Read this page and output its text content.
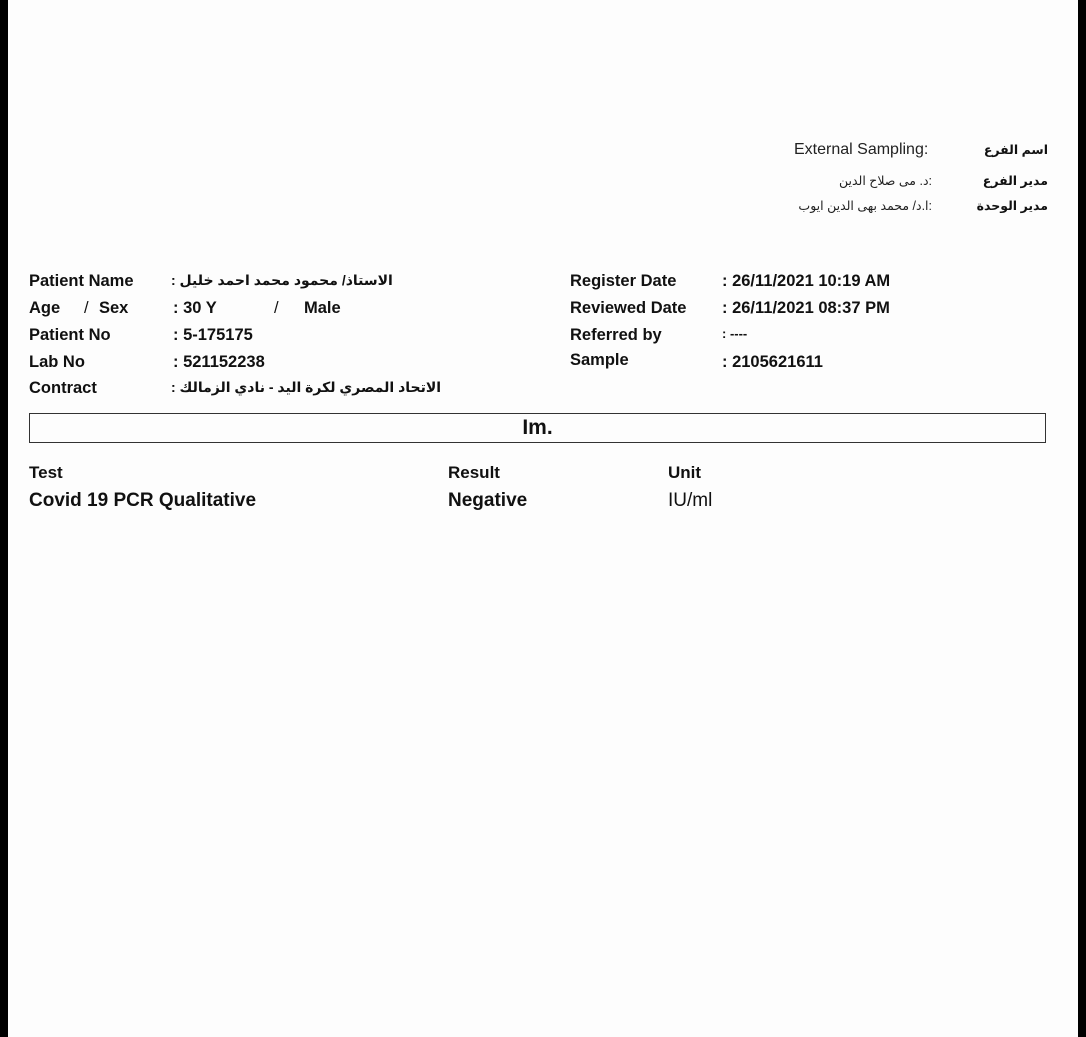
External Sampling:	اسم الفرع
:د. مى صلاح الدين	مدير الفرع
:ا.د/ محمد بهى الدين ايوب	مدير الوحدة
Patient Name	الاستاذ/ محمود محمد احمد خليل :
Age / Sex	: 30 Y	/ Male
Patient No	: 5-175175
Lab No	: 521152238
Contract	الاتحاد المصري لكرة اليد - نادي الزمالك :
Register Date	: 26/11/2021 10:19 AM
Reviewed Date : 26/11/2021 08:37 PM
Referred by	: ----
Sample	: 2105621611
Im.
Test	Result	Unit
Covid 19 PCR Qualitative	Negative	IU/ml
